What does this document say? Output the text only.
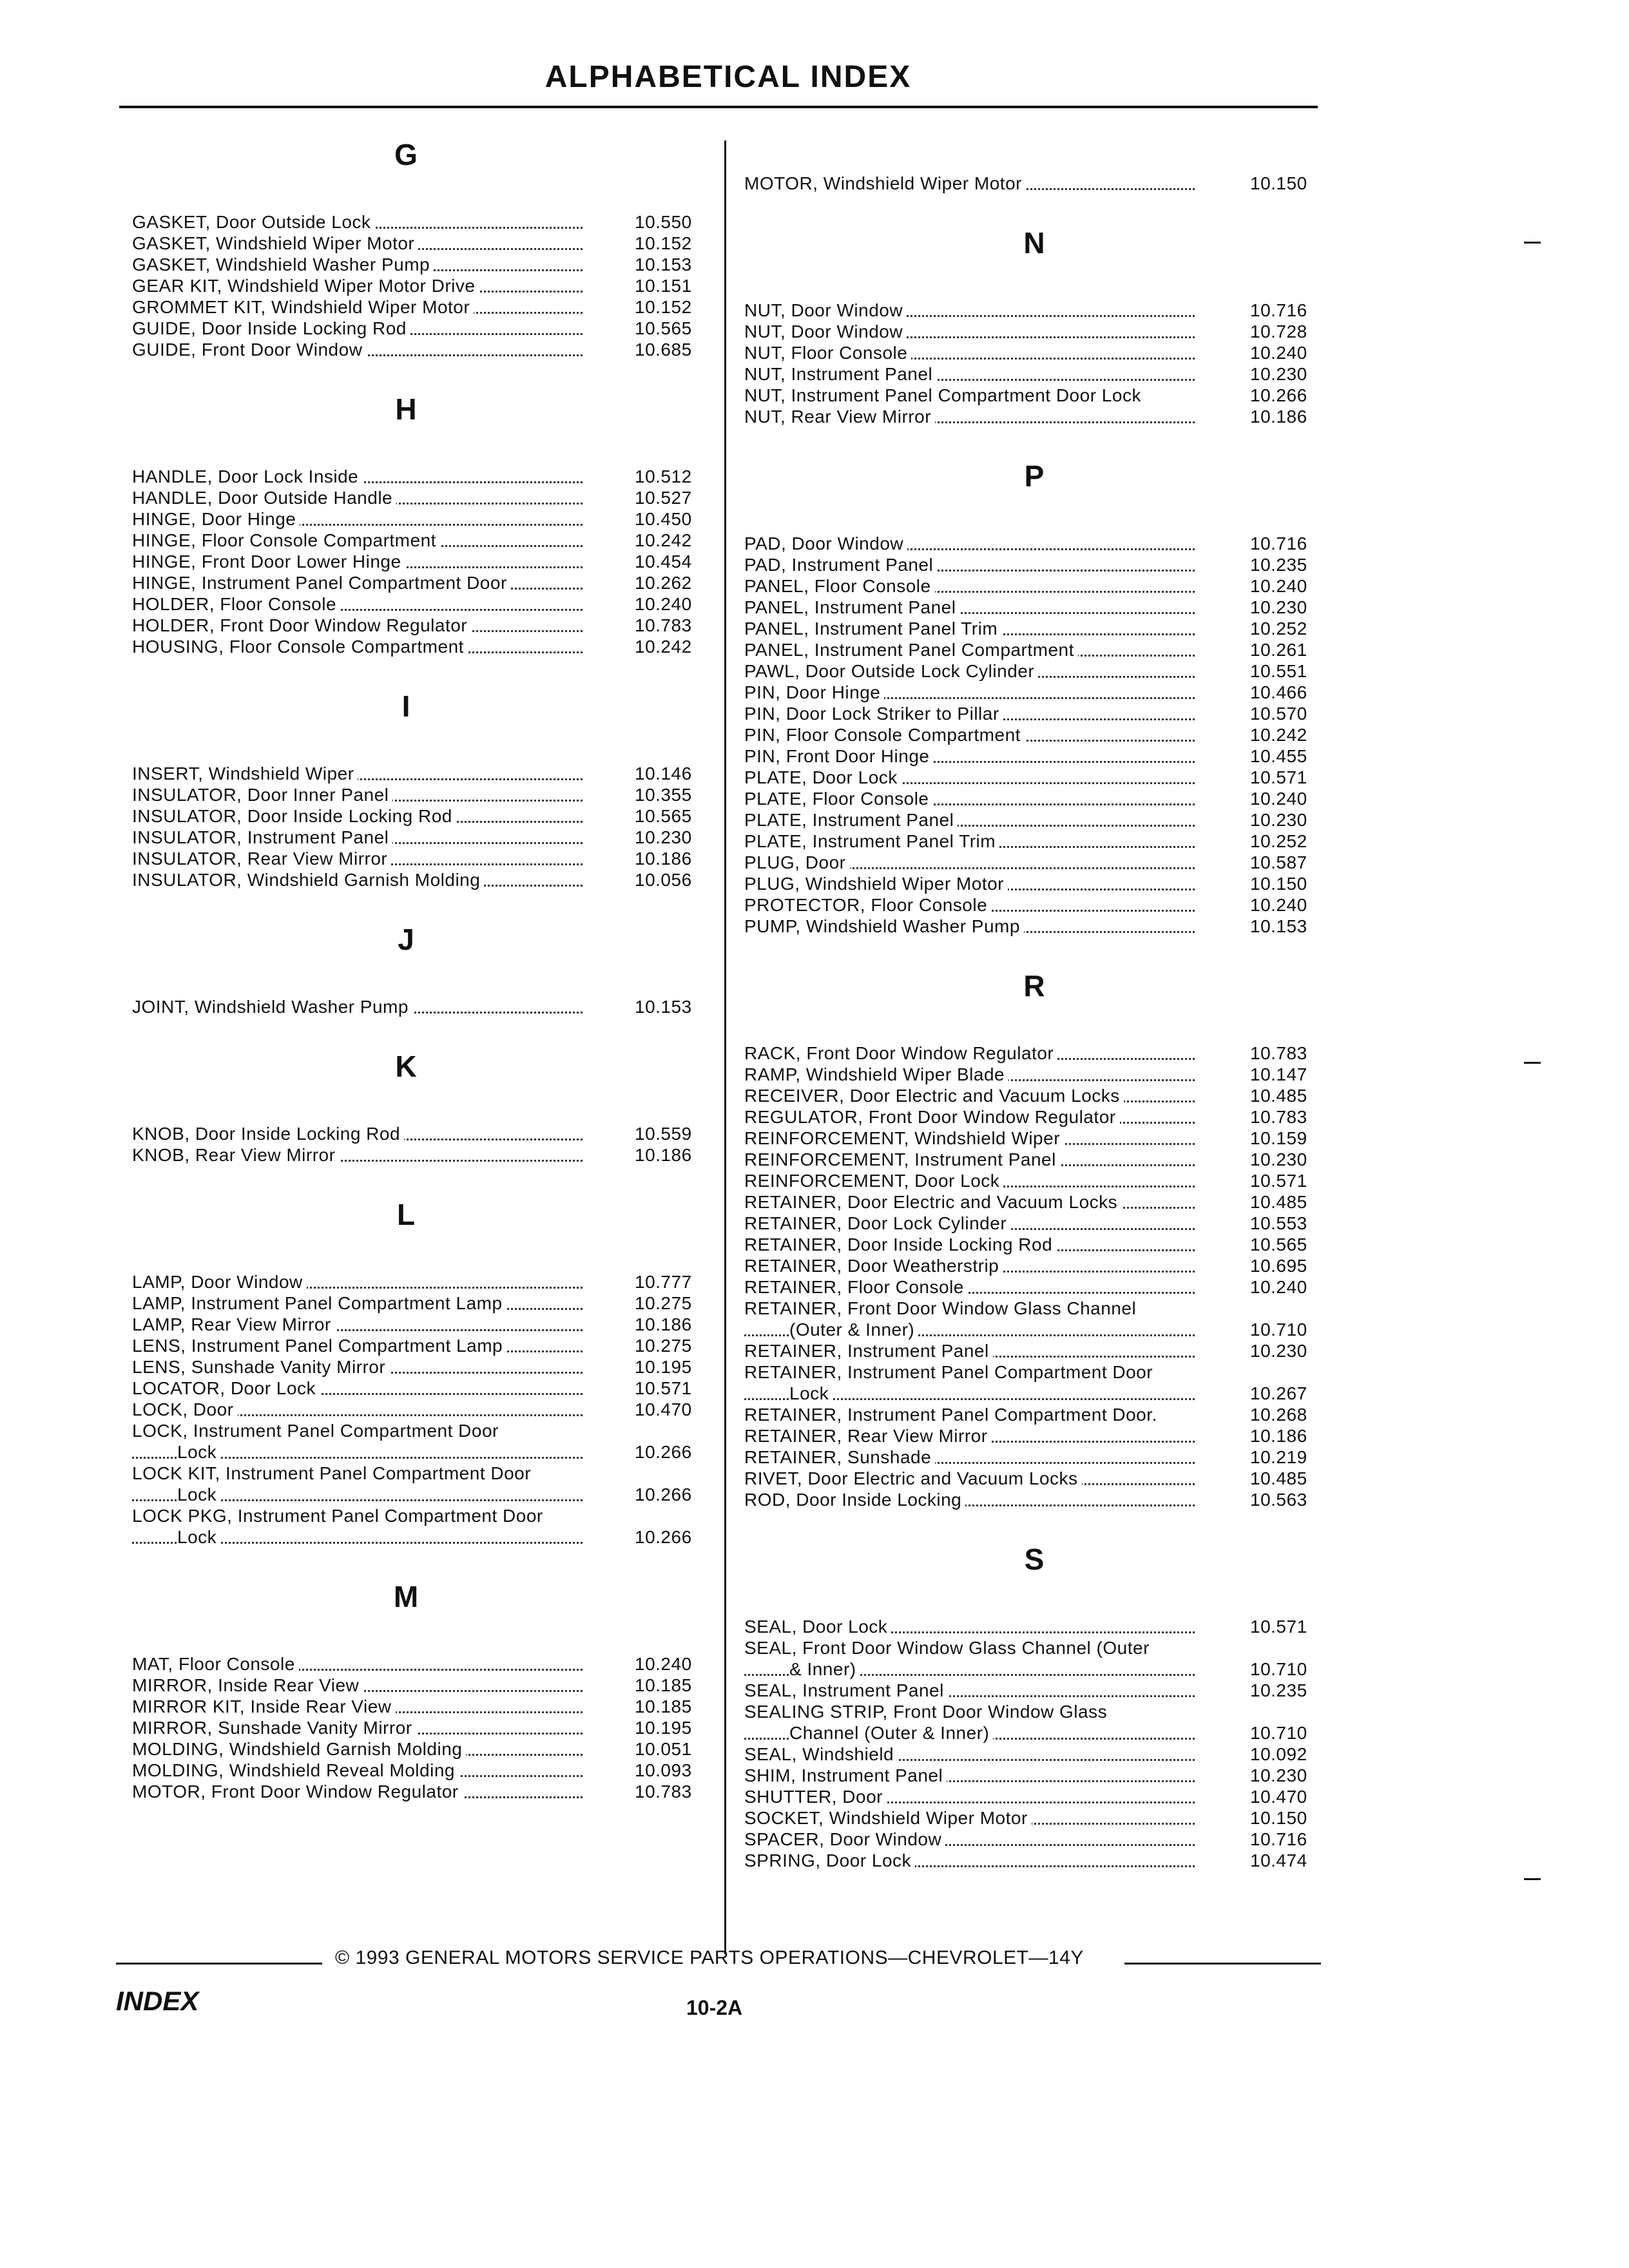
ALPHABETICAL INDEX
G
GASKET, Door Outside Lock	10.550
GASKET, Windshield Wiper Motor	10.152
GASKET, Windshield Washer Pump	10.153
GEAR KIT, Windshield Wiper Motor Drive	10.151
GROMMET KIT, Windshield Wiper Motor	10.152
GUIDE, Door Inside Locking Rod	10.565
GUIDE, Front Door Window	10.685
H
HANDLE, Door Lock Inside	10.512
HANDLE, Door Outside Handle	10.527
HINGE, Door Hinge	10.450
HINGE, Floor Console Compartment	10.242
HINGE, Front Door Lower Hinge	10.454
HINGE, Instrument Panel Compartment Door	10.262
HOLDER, Floor Console	10.240
HOLDER, Front Door Window Regulator	10.783
HOUSING, Floor Console Compartment	10.242
I
INSERT, Windshield Wiper	10.146
INSULATOR, Door Inner Panel	10.355
INSULATOR, Door Inside Locking Rod	10.565
INSULATOR, Instrument Panel	10.230
INSULATOR, Rear View Mirror	10.186
INSULATOR, Windshield Garnish Molding	10.056
J
JOINT, Windshield Washer Pump	10.153
K
KNOB, Door Inside Locking Rod	10.559
KNOB, Rear View Mirror	10.186
L
LAMP, Door Window	10.777
LAMP, Instrument Panel Compartment Lamp	10.275
LAMP, Rear View Mirror	10.186
LENS, Instrument Panel Compartment Lamp	10.275
LENS, Sunshade Vanity Mirror	10.195
LOCATOR, Door Lock	10.571
LOCK, Door	10.470
LOCK, Instrument Panel Compartment Door
Lock	10.266
LOCK KIT, Instrument Panel Compartment Door
Lock	10.266
LOCK PKG, Instrument Panel Compartment Door
Lock	10.266
M
MAT, Floor Console	10.240
MIRROR, Inside Rear View	10.185
MIRROR KIT, Inside Rear View	10.185
MIRROR, Sunshade Vanity Mirror	10.195
MOLDING, Windshield Garnish Molding	10.051
MOLDING, Windshield Reveal Molding	10.093
MOTOR, Front Door Window Regulator	10.783
MOTOR, Windshield Wiper Motor	10.150
N
NUT, Door Window	10.716
NUT, Door Window	10.728
NUT, Floor Console	10.240
NUT, Instrument Panel	10.230
NUT, Instrument Panel Compartment Door Lock	10.266
NUT, Rear View Mirror	10.186
P
PAD, Door Window	10.716
PAD, Instrument Panel	10.235
PANEL, Floor Console	10.240
PANEL, Instrument Panel	10.230
PANEL, Instrument Panel Trim	10.252
PANEL, Instrument Panel Compartment	10.261
PAWL, Door Outside Lock Cylinder	10.551
PIN, Door Hinge	10.466
PIN, Door Lock Striker to Pillar	10.570
PIN, Floor Console Compartment	10.242
PIN, Front Door Hinge	10.455
PLATE, Door Lock	10.571
PLATE, Floor Console	10.240
PLATE, Instrument Panel	10.230
PLATE, Instrument Panel Trim	10.252
PLUG, Door	10.587
PLUG, Windshield Wiper Motor	10.150
PROTECTOR, Floor Console	10.240
PUMP, Windshield Washer Pump	10.153
R
RACK, Front Door Window Regulator	10.783
RAMP, Windshield Wiper Blade	10.147
RECEIVER, Door Electric and Vacuum Locks	10.485
REGULATOR, Front Door Window Regulator	10.783
REINFORCEMENT, Windshield Wiper	10.159
REINFORCEMENT, Instrument Panel	10.230
REINFORCEMENT, Door Lock	10.571
RETAINER, Door Electric and Vacuum Locks	10.485
RETAINER, Door Lock Cylinder	10.553
RETAINER, Door Inside Locking Rod	10.565
RETAINER, Door Weatherstrip	10.695
RETAINER, Floor Console	10.240
RETAINER, Front Door Window Glass Channel
(Outer & Inner)	10.710
RETAINER, Instrument Panel	10.230
RETAINER, Instrument Panel Compartment Door
Lock	10.267
RETAINER, Instrument Panel Compartment Door.	10.268
RETAINER, Rear View Mirror	10.186
RETAINER, Sunshade	10.219
RIVET, Door Electric and Vacuum Locks	10.485
ROD, Door Inside Locking	10.563
S
SEAL, Door Lock	10.571
SEAL, Front Door Window Glass Channel (Outer
& Inner)	10.710
SEAL, Instrument Panel	10.235
SEALING STRIP, Front Door Window Glass
Channel (Outer & Inner)	10.710
SEAL, Windshield	10.092
SHIM, Instrument Panel	10.230
SHUTTER, Door	10.470
SOCKET, Windshield Wiper Motor	10.150
SPACER, Door Window	10.716
SPRING, Door Lock	10.474
© 1993 GENERAL MOTORS SERVICE PARTS OPERATIONS—CHEVROLET—14Y
INDEX	10-2A
